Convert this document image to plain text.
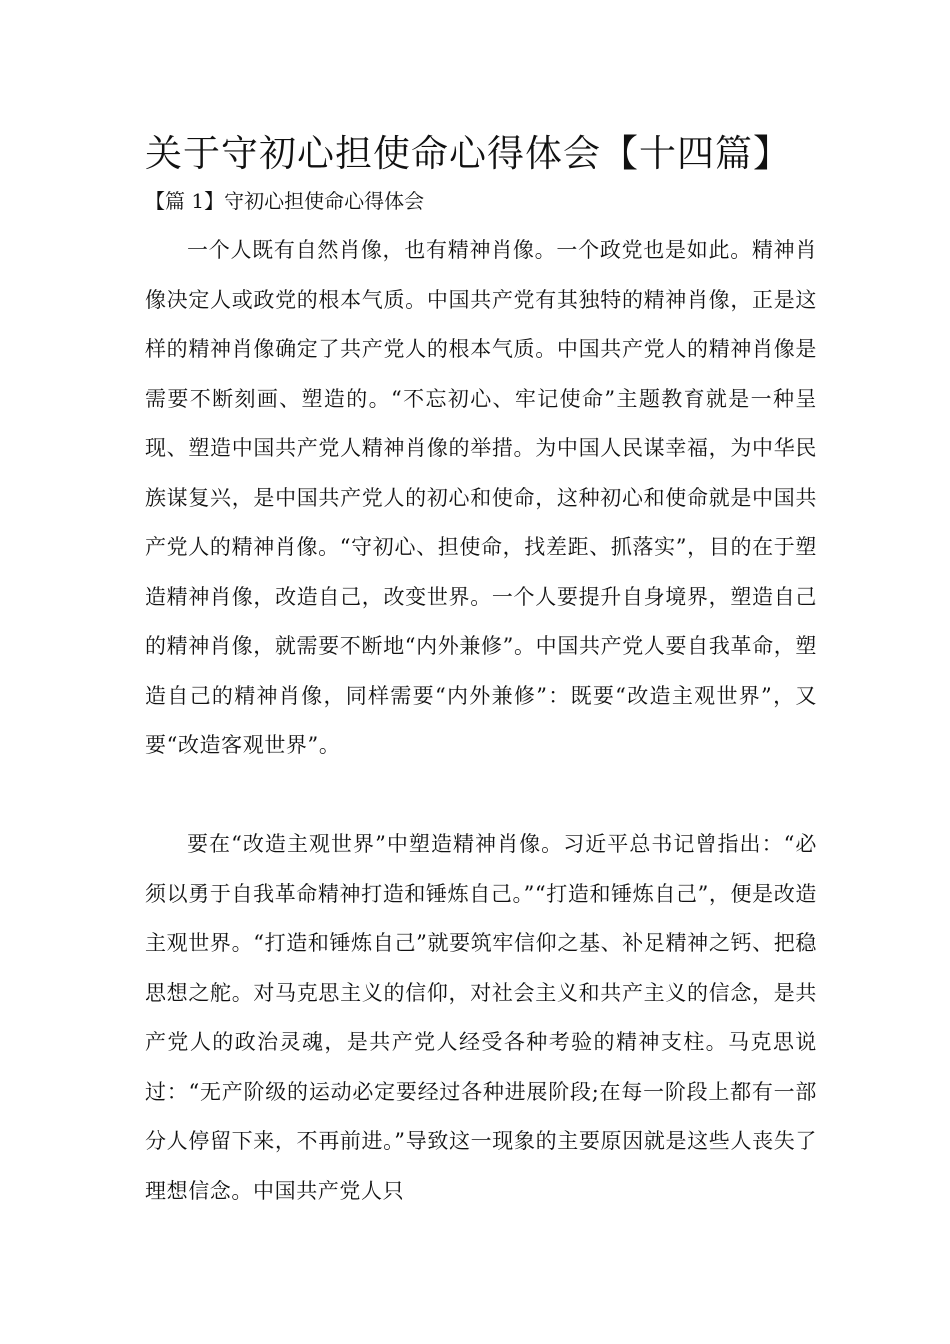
关于守初心担使命心得体会【十四篇】
【篇 1】守初心担使命心得体会

一个人既有自然肖像，也有精神肖像。一个政党也是如此。精神肖像决定人或政党的根本气质。中国共产党有其独特的精神肖像，正是这样的精神肖像确定了共产党人的根本气质。中国共产党人的精神肖像是需要不断刻画、塑造的。“不忘初心、牢记使命”主题教育就是一种呈现、塑造中国共产党人精神肖像的举措。为中国人民谋幸福，为中华民族谋复兴，是中国共产党人的初心和使命，这种初心和使命就是中国共产党人的精神肖像。“守初心、担使命，找差距、抓落实”，目的在于塑造精神肖像，改造自己，改变世界。一个人要提升自身境界，塑造自己的精神肖像，就需要不断地“内外兼修”。中国共产党人要自我革命，塑造自己的精神肖像，同样需要“内外兼修”：既要“改造主观世界”，又要“改造客观世界”。

要在“改造主观世界”中塑造精神肖像。习近平总书记曾指出：“必须以勇于自我革命精神打造和锤炼自己。”“打造和锤炼自己”，便是改造主观世界。“打造和锤炼自己”就要筑牢信仰之基、补足精神之钙、把稳思想之舵。对马克思主义的信仰，对社会主义和共产主义的信念，是共产党人的政治灵魂，是共产党人经受各种考验的精神支柱。马克思说过：“无产阶级的运动必定要经过各种进展阶段;在每一阶段上都有一部分人停留下来，不再前进。”导致这一现象的主要原因就是这些人丧失了理想信念。中国共产党人只
